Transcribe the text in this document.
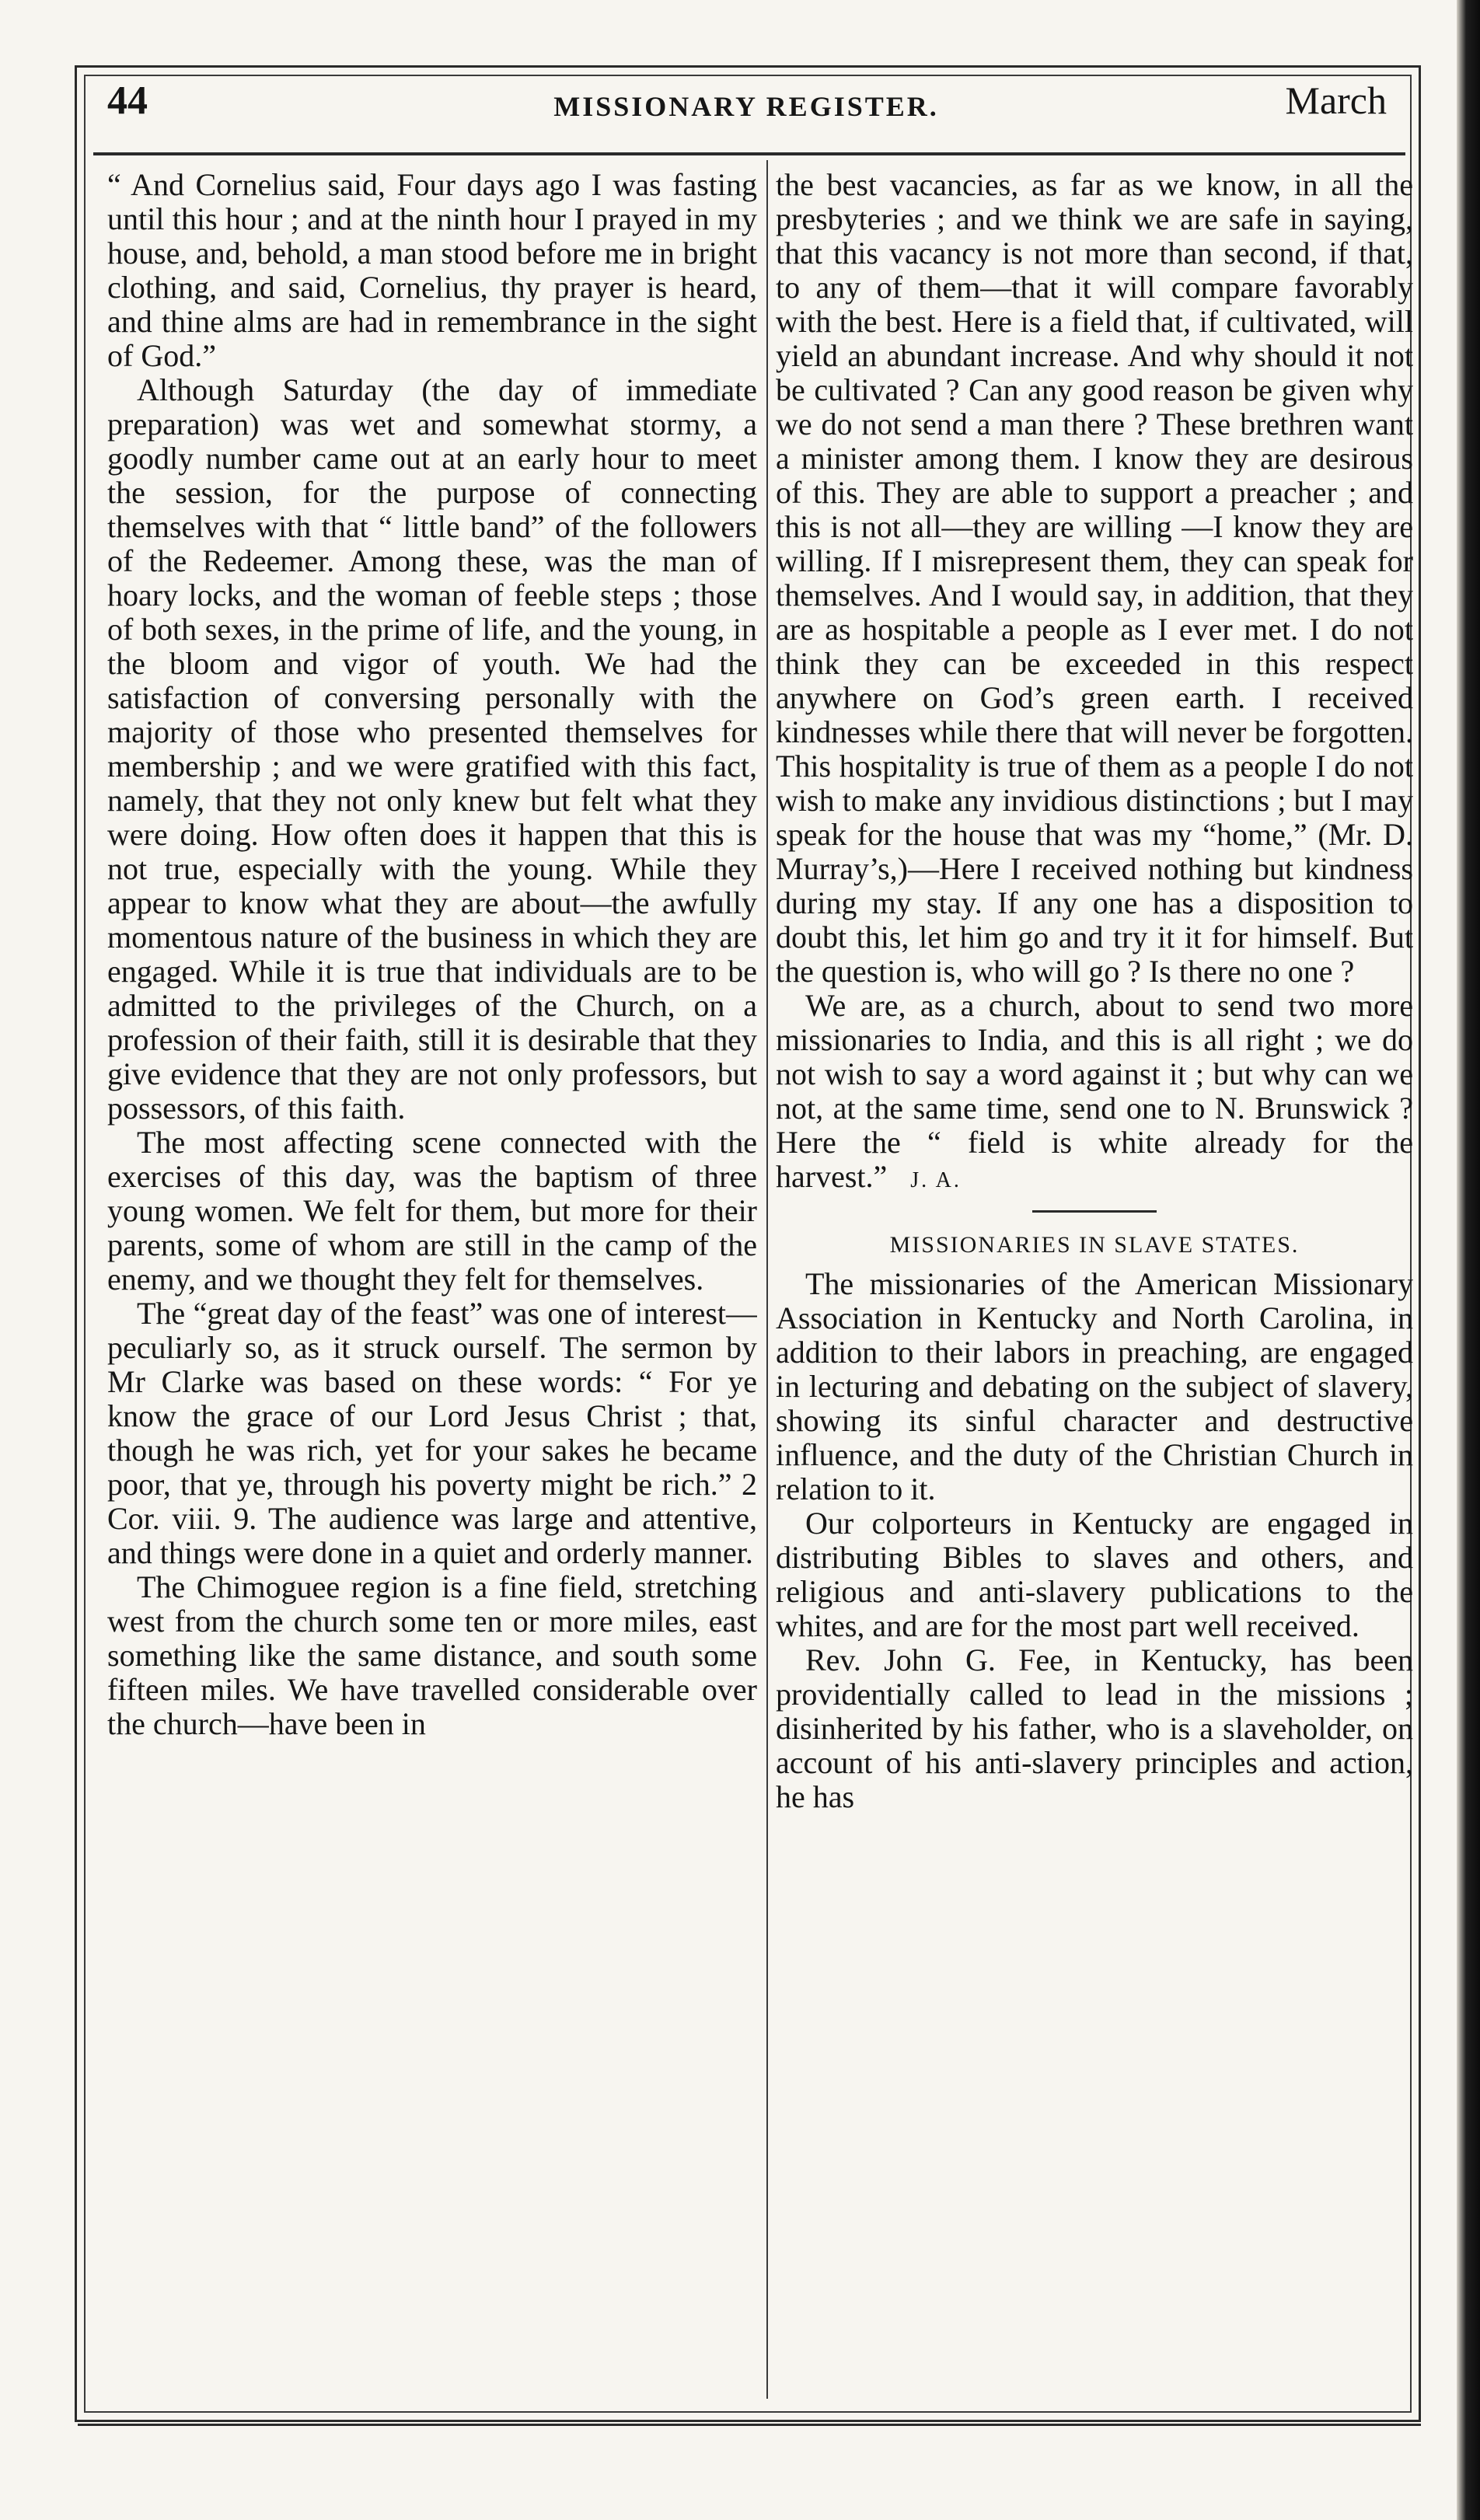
44	MISSIONARY REGISTER.	March

“ And Cornelius said, Four days ago I was fasting until this hour ; and at the ninth hour I prayed in my house, and, behold, a man stood before me in bright clothing, and said, Cornelius, thy prayer is heard, and thine alms are had in remembrance in the sight of God.”

Although Saturday (the day of immediate preparation) was wet and somewhat stormy, a goodly number came out at an early hour to meet the session, for the purpose of connecting themselves with that “ little band” of the followers of the Redeemer. Among these, was the man of hoary locks, and the woman of feeble steps ; those of both sexes, in the prime of life, and the young, in the bloom and vigor of youth. We had the satisfaction of conversing personally with the majority of those who presented themselves for membership ; and we were gratified with this fact, namely, that they not only knew but felt what they were doing. How often does it happen that this is not true, especially with the young. While they appear to know what they are about—the awfully momentous nature of the business in which they are engaged. While it is true that individuals are to be admitted to the privileges of the Church, on a profession of their faith, still it is desirable that they give evidence that they are not only professors, but possessors, of this faith.

The most affecting scene connected with the exercises of this day, was the baptism of three young women. We felt for them, but more for their parents, some of whom are still in the camp of the enemy, and we thought they felt for themselves.

The “great day of the feast” was one of interest—peculiarly so, as it struck ourself. The sermon by Mr Clarke was based on these words: “ For ye know the grace of our Lord Jesus Christ ; that, though he was rich, yet for your sakes he became poor, that ye, through his poverty might be rich.” 2 Cor. viii. 9. The audience was large and attentive, and things were done in a quiet and orderly manner.

The Chimoguee region is a fine field, stretching west from the church some ten or more miles, east something like the same distance, and south some fifteen miles. We have travelled considerable over the church—have been in

the best vacancies, as far as we know, in all the presbyteries ; and we think we are safe in saying, that this vacancy is not more than second, if that, to any of them—that it will compare favorably with the best. Here is a field that, if cultivated, will yield an abundant increase. And why should it not be cultivated ? Can any good reason be given why we do not send a man there ? These brethren want a minister among them. I know they are desirous of this. They are able to support a preacher ; and this is not all—they are willing —I know they are willing. If I misrepresent them, they can speak for themselves. And I would say, in addition, that they are as hospitable a people as I ever met. I do not think they can be exceeded in this respect anywhere on God’s green earth. I received kindnesses while there that will never be forgotten. This hospitality is true of them as a people I do not wish to make any invidious distinctions ; but I may speak for the house that was my “home,” (Mr. D. Murray’s,)—Here I received nothing but kindness during my stay. If any one has a disposition to doubt this, let him go and try it it for himself. But the question is, who will go ? Is there no one ?

We are, as a church, about to send two more missionaries to India, and this is all right ; we do not wish to say a word against it ; but why can we not, at the same time, send one to N. Brunswick ? Here the “ field is white already for the harvest.” J. A.

MISSIONARIES IN SLAVE STATES.

The missionaries of the American Missionary Association in Kentucky and North Carolina, in addition to their labors in preaching, are engaged in lecturing and debating on the subject of slavery, showing its sinful character and destructive influence, and the duty of the Christian Church in relation to it.

Our colporteurs in Kentucky are engaged in distributing Bibles to slaves and others, and religious and anti-slavery publications to the whites, and are for the most part well received.

Rev. John G. Fee, in Kentucky, has been providentially called to lead in the missions ; disinherited by his father, who is a slaveholder, on account of his anti-slavery principles and action, he has
